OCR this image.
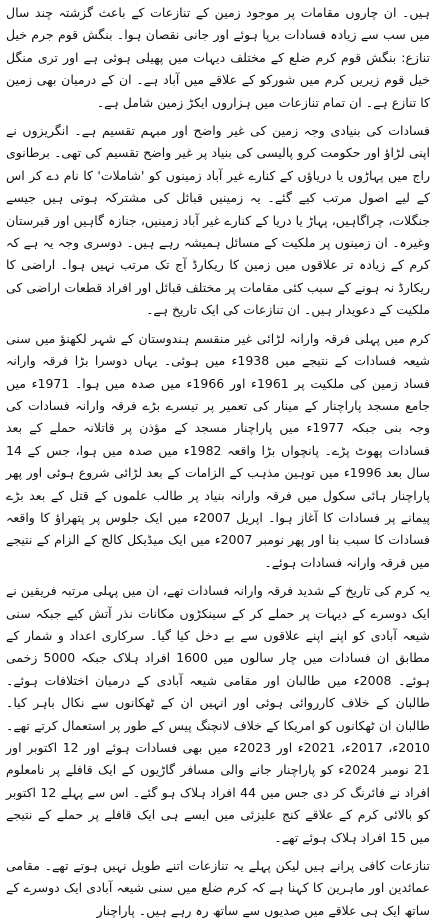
ہیں۔ ان چاروں مقامات پر موجود زمین کے تنازعات کے باعث گزشتہ چند سال میں سب سے زیادہ فسادات برپا ہوئے اور جانی نقصان ہوا۔ بنگش قوم جرم خیل تنازع: بنگش قوم کرم ضلع کے مختلف دیہات میں پھیلی ہوئی ہے اور تری منگل خیل قوم زیریں کرم میں شورکو کے علاقے میں آباد ہے۔ ان کے درمیان بھی زمین کا تنازع ہے۔ ان تمام تنازعات میں ہزاروں ایکڑ زمین شامل ہے۔

فسادات کی بنیادی وجہ زمین کی غیر واضح اور مبہم تقسیم ہے۔ انگریزوں نے اپنی لڑاؤ اور حکومت کرو پالیسی کی بنیاد پر غیر واضح تقسیم کی تھی۔ برطانوی راج میں پہاڑوں یا دریاؤں کے کنارے غیر آباد زمینوں کو 'شاملات' کا نام دے کر اس کے لیے اصول مرتب کیے گئے۔ یہ زمینیں قبائل کی مشترکہ ہوتی ہیں جیسے جنگلات، چراگاہیں، پہاڑ یا دریا کے کنارے غیر آباد زمینیں، جنازہ گاہیں اور قبرستان وغیرہ۔ ان زمینوں پر ملکیت کے مسائل ہمیشہ رہے ہیں۔ دوسری وجہ یہ ہے کہ کرم کے زیادہ تر علاقوں میں زمین کا ریکارڈ آج تک مرتب نہیں ہوا۔ اراضی کا ریکارڈ نہ ہونے کے سبب کئی مقامات پر مختلف قبائل اور افراد قطعات اراضی کی ملکیت کے دعویدار ہیں۔ ان تنازعات کی ایک تاریخ ہے۔

کرم میں پہلی فرقہ وارانہ لڑائی غیر منقسم ہندوستان کے شہر لکھنؤ میں سنی شیعہ فسادات کے نتیجے میں 1938ء میں ہوئی۔ یہاں دوسرا بڑا فرقہ وارانہ فساد زمین کی ملکیت پر 1961ء اور 1966ء میں صدہ میں ہوا۔ 1971ء میں جامع مسجد پاراچنار کے مینار کی تعمیر پر تیسرے بڑے فرقہ وارانہ فسادات کی وجہ بنی جبکہ 1977ء میں پاراچنار مسجد کے مؤذن پر قاتلانہ حملے کے بعد فسادات پھوٹ پڑے۔ پانچواں بڑا واقعہ 1982ء میں صدہ میں ہوا، جس کے 14 سال بعد 1996ء میں توہین مذہب کے الزامات کے بعد لڑائی شروع ہوئی اور پھر پاراچنار ہائی سکول میں فرقہ وارانہ بنیاد پر طالب علموں کے قتل کے بعد بڑے پیمانے پر فسادات کا آغاز ہوا۔ اپریل 2007ء میں ایک جلوس پر پتھراؤ کا واقعہ فسادات کا سبب بنا اور پھر نومبر 2007ء میں ایک میڈیکل کالج کے الزام کے نتیجے میں فرقہ وارانہ فسادات ہوئے۔

یہ کرم کی تاریخ کے شدید فرقہ وارانہ فسادات تھے، ان میں پہلی مرتبہ فریقین نے ایک دوسرے کے دیہات پر حملے کر کے سینکڑوں مکانات نذر آتش کیے جبکہ سنی شیعہ آبادی کو اپنے اپنے علاقوں سے بے دخل کیا گیا۔ سرکاری اعداد و شمار کے مطابق ان فسادات میں چار سالوں میں 1600 افراد ہلاک جبکہ 5000 زخمی ہوئے۔ 2008ء میں طالبان اور مقامی شیعہ آبادی کے درمیان اختلافات ہوئے۔ طالبان کے خلاف کارروائی ہوئی اور انہیں ان کے ٹھکانوں سے نکال باہر کیا۔ طالبان ان ٹھکانوں کو امریکا کے خلاف لانچنگ پیس کے طور پر استعمال کرتے تھے۔ 2010ء، 2017ء، 2021ء اور 2023ء میں بھی فسادات ہوئے اور 12 اکتوبر اور 21 نومبر 2024ء کو پاراچنار جانے والی مسافر گاڑیوں کے ایک قافلے پر نامعلوم افراد نے فائرنگ کر دی جس میں 44 افراد ہلاک ہو گئے۔ اس سے پہلے 12 اکتوبر کو بالائی کرم کے علاقے کنج علیزئی میں ایسے ہی ایک قافلے پر حملے کے نتیجے میں 15 افراد ہلاک ہوئے تھے۔

تنازعات کافی پرانے ہیں لیکن پہلے یہ تنازعات اتنے طویل نہیں ہوتے تھے۔ مقامی عمائدین اور ماہرین کا کہنا ہے کہ کرم ضلع میں سنی شیعہ آبادی ایک دوسرے کے ساتھ ایک ہی علاقے میں صدیوں سے ساتھ رہ رہے ہیں۔ پاراچنار
